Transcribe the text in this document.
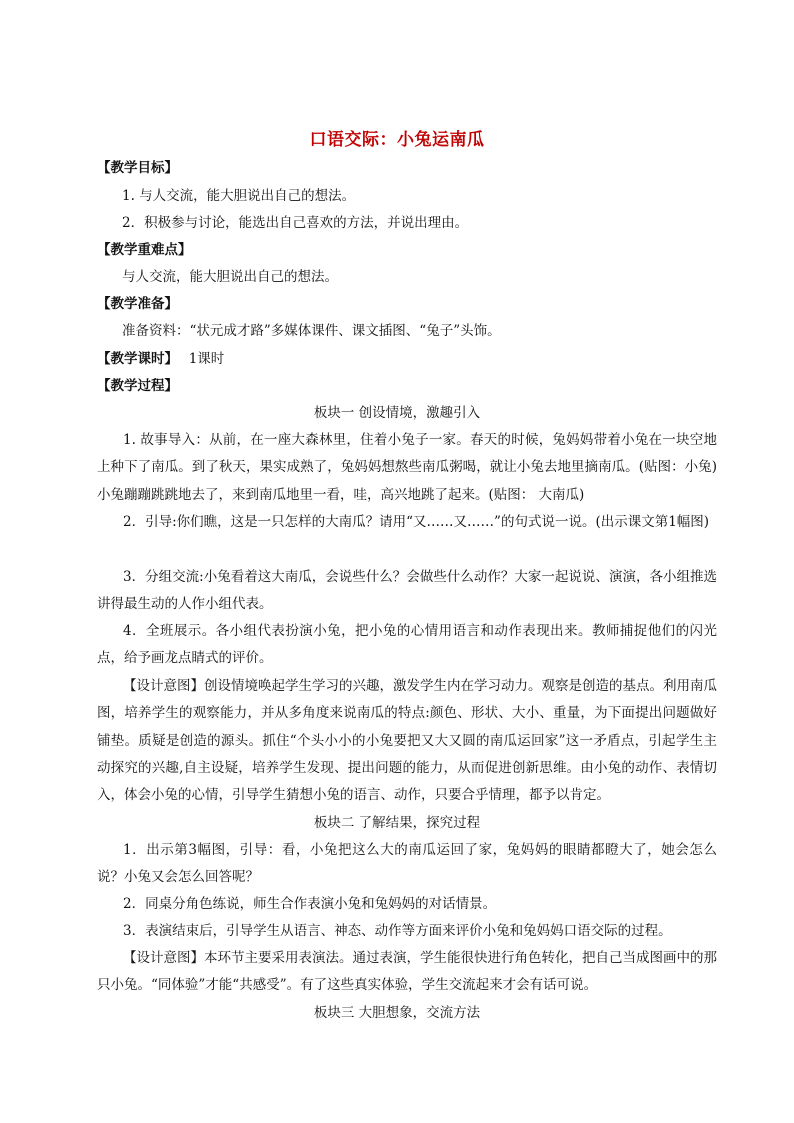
口语交际：小兔运南瓜
【教学目标】
1. 与人交流，能大胆说出自己的想法。
2．积极参与讨论，能选出自己喜欢的方法，并说出理由。
【教学重难点】
与人交流，能大胆说出自己的想法。
【教学准备】
准备资料：“状元成才路”多媒体课件、课文插图、“兔子”头饰。
【教学课时】 1课时
【教学过程】
板块一 创设情境，激趣引入
1. 故事导入：从前，在一座大森林里，住着小兔子一家。春天的时候，兔妈妈带着小兔在一块空地上种下了南瓜。到了秋天，果实成熟了，兔妈妈想熬些南瓜粥喝，就让小兔去地里摘南瓜。(贴图：小兔)小兔蹦蹦跳跳地去了，来到南瓜地里一看，哇，高兴地跳了起来。(贴图： 大南瓜)
2．引导:你们瞧，这是一只怎样的大南瓜？请用“又……又……”的句式说一说。(出示课文第1幅图)
3．分组交流:小兔看着这大南瓜，会说些什么？会做些什么动作？大家一起说说、演演，各小组推选讲得最生动的人作小组代表。
4．全班展示。各小组代表扮演小兔，把小兔的心情用语言和动作表现出来。教师捕捉他们的闪光点，给予画龙点睛式的评价。
【设计意图】创设情境唤起学生学习的兴趣，激发学生内在学习动力。观察是创造的基点。利用南瓜图，培养学生的观察能力，并从多角度来说南瓜的特点:颜色、形状、大小、重量，为下面提出问题做好铺垫。质疑是创造的源头。抓住“个头小小的小兔要把又大又圆的南瓜运回家”这一矛盾点，引起学生主动探究的兴趣,自主设疑，培养学生发现、提出问题的能力，从而促进创新思维。由小兔的动作、表情切入，体会小兔的心情，引导学生猜想小兔的语言、动作，只要合乎情理，都予以肯定。
板块二 了解结果，探究过程
1．出示第3幅图，引导：看，小兔把这么大的南瓜运回了家，兔妈妈的眼睛都瞪大了，她会怎么说？小兔又会怎么回答呢？
2．同桌分角色练说，师生合作表演小兔和兔妈妈的对话情景。
3．表演结束后，引导学生从语言、神态、动作等方面来评价小兔和兔妈妈口语交际的过程。
【设计意图】本环节主要采用表演法。通过表演，学生能很快进行角色转化，把自己当成图画中的那只小兔。“同体验”才能“共感受”。有了这些真实体验，学生交流起来才会有话可说。
板块三 大胆想象，交流方法
